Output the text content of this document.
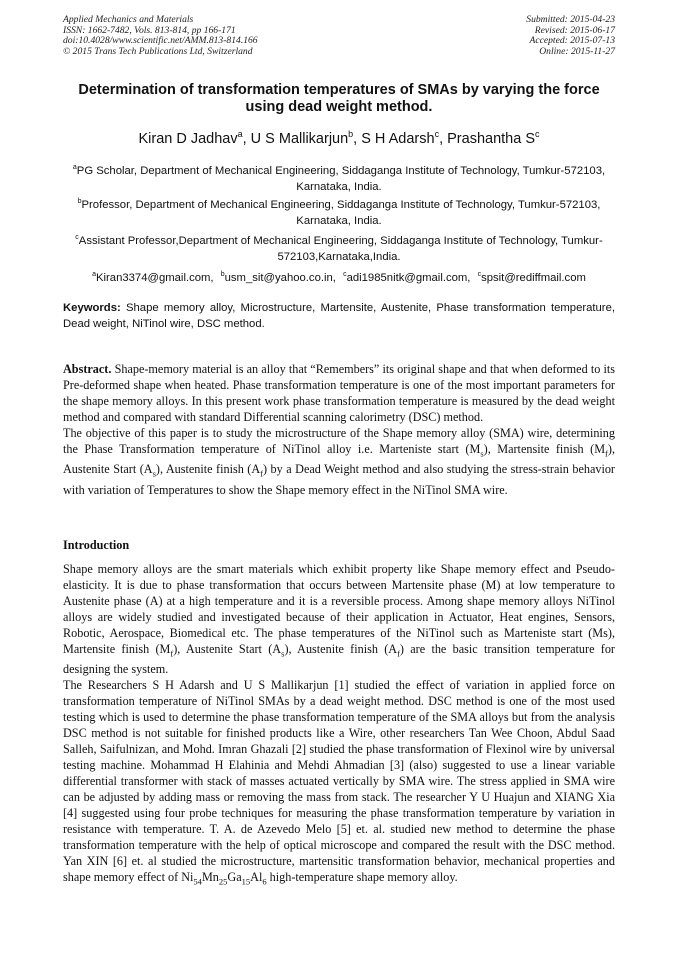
Applied Mechanics and Materials
ISSN: 1662-7482, Vols. 813-814, pp 166-171
doi:10.4028/www.scientific.net/AMM.813-814.166
© 2015 Trans Tech Publications Ltd, Switzerland
Submitted: 2015-04-23
Revised: 2015-06-17
Accepted: 2015-07-13
Online: 2015-11-27
Determination of transformation temperatures of SMAs by varying the force using dead weight method.
Kiran D Jadhav$^a$, U S Mallikarjun$^b$, S H Adarsh$^c$, Prashantha $S^c$
$^a$PG Scholar, Department of Mechanical Engineering, Siddaganga Institute of Technology, Tumkur-572103, Karnataka, India.
$^b$Professor, Department of Mechanical Engineering, Siddaganga Institute of Technology, Tumkur-572103, Karnataka, India.
$^c$Assistant Professor,Department of Mechanical Engineering, Siddaganga Institute of Technology, Tumkur- 572103,Karnataka,India.
$^a$Kiran3374@gmail.com, $^b$usm_sit@yahoo.co.in, $^c$adi1985nitk@gmail.com, $^c$spsit@rediffmail.com
Keywords: Shape memory alloy, Microstructure, Martensite, Austenite, Phase transformation temperature, Dead weight, NiTinol wire, DSC method.
Abstract. Shape-memory material is an alloy that “Remembers” its original shape and that when deformed to its Pre-deformed shape when heated. Phase transformation temperature is one of the most important parameters for the shape memory alloys. In this present work phase transformation temperature is measured by the dead weight method and compared with standard Differential scanning calorimetry (DSC) method.
The objective of this paper is to study the microstructure of the Shape memory alloy (SMA) wire, determining the Phase Transformation temperature of NiTinol alloy i.e. Marteniste start $(M_s)$, Martensite finish $(M_f)$, Austenite Start $(A_s)$, Austenite finish $(A_f)$ by a Dead Weight method and also studying the stress-strain behavior with variation of Temperatures to show the Shape memory effect in the NiTinol SMA wire.
Introduction
Shape memory alloys are the smart materials which exhibit property like Shape memory effect and Pseudo-elasticity. It is due to phase transformation that occurs between Martensite phase (M) at low temperature to Austenite phase (A) at a high temperature and it is a reversible process. Among shape memory alloys NiTinol alloys are widely studied and investigated because of their application in Actuator, Heat engines, Sensors, Robotic, Aerospace, Biomedical etc. The phase temperatures of the NiTinol such as Marteniste start (Ms), Martensite finish $(M_f)$, Austenite Start $(A_s)$, Austenite finish $(A_f)$ are the basic transition temperature for designing the system.
The Researchers S H Adarsh and U S Mallikarjun [1] studied the effect of variation in applied force on transformation temperature of NiTinol SMAs by a dead weight method. DSC method is one of the most used testing which is used to determine the phase transformation temperature of the SMA alloys but from the analysis DSC method is not suitable for finished products like a Wire, other researchers Tan Wee Choon, Abdul Saad Salleh, Saifulnizan, and Mohd. Imran Ghazali [2] studied the phase transformation of Flexinol wire by universal testing machine. Mohammad H Elahinia and Mehdi Ahmadian [3] (also) suggested to use a linear variable differential transformer with stack of masses actuated vertically by SMA wire. The stress applied in SMA wire can be adjusted by adding mass or removing the mass from stack. The researcher Y U Huajun and XIANG Xia [4] suggested using four probe techniques for measuring the phase transformation temperature by variation in resistance with temperature. T. A. de Azevedo Melo [5] et. al. studied new method to determine the phase transformation temperature with the help of optical microscope and compared the result with the DSC method. Yan XIN [6] et. al studied the microstructure, martensitic transformation behavior, mechanical properties and shape memory effect of $Ni_{54}Mn_{25}Ga_{15}Al_6$ high-temperature shape memory alloy.
